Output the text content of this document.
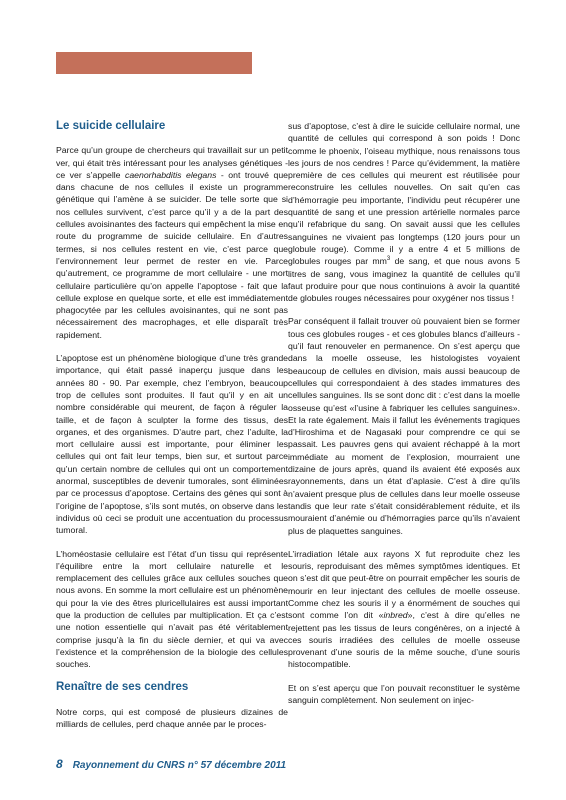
Le suicide cellulaire

Parce qu’un groupe de chercheurs qui travaillait sur un petit ver, qui était très intéressant pour les analyses génétiques - ce ver s’appelle caenorhabditis elegans - ont trouvé que dans chacune de nos cellules il existe un programme génétique qui l’amène à se suicider. De telle sorte que si nos cellules survivent, c’est parce qu’il y a de la part des cellules avoisinantes des facteurs qui empêchent la mise en route du programme de suicide cellulaire. En d’autres termes, si nos cellules restent en vie, c’est parce que l’environnement leur permet de rester en vie. Parce qu’autrement, ce programme de mort cellulaire - une mort cellulaire particulière qu’on appelle l’apoptose - fait que la cellule explose en quelque sorte, et elle est immédiatement phagocytée par les cellules avoisinantes, qui ne sont pas nécessairement des macrophages, et elle disparaît très rapidement.

L’apoptose est un phénomène biologique d’une très grande importance, qui était passé inaperçu jusque dans les années 80 - 90. Par exemple, chez l’embryon, beaucoup trop de cellules sont produites. Il faut qu’il y en ait un nombre considérable qui meurent, de façon à réguler la taille, et de façon à sculpter la forme des tissus, des organes, et des organismes. D’autre part, chez l’adulte, la mort cellulaire aussi est importante, pour éliminer les cellules qui ont fait leur temps, bien sur, et surtout parce qu’un certain nombre de cellules qui ont un comportement anormal, susceptibles de devenir tumorales, sont éliminées par ce processus d’apoptose. Certains des gènes qui sont à l’origine de l’apoptose, s’ils sont mutés, on observe dans les individus où ceci se produit une accentuation du processus tumoral.

L’homéostasie cellulaire est l’état d’un tissu qui représente l’équilibre entre la mort cellulaire naturelle et le remplacement des cellules grâce aux cellules souches que nous avons. En somme la mort cellulaire est un phénomène qui pour la vie des êtres pluricellulaires est aussi important que la production de cellules par multiplication. Et ça c’est une notion essentielle qui n’avait pas été véritablement comprise jusqu’à la fin du siècle dernier, et qui va avec l’existence et la compréhension de la biologie des cellules souches.

Renaître de ses cendres

Notre corps, qui est composé de plusieurs dizaines de milliards de cellules, perd chaque année par le proces-

sus d’apoptose, c’est à dire le suicide cellulaire normal, une quantité de cellules qui correspond à son poids ! Donc comme le phoenix, l’oiseau mythique, nous renaissons tous les jours de nos cendres ! Parce qu’évidemment, la matière première de ces cellules qui meurent est réutilisée pour reconstruire les cellules nouvelles. On sait qu’en cas d’hémorragie peu importante, l’individu peut récupérer une quantité de sang et une pression artérielle normales parce qu’il refabrique du sang. On savait aussi que les cellules sanguines ne vivaient pas longtemps (120 jours pour un globule rouge). Comme il y a entre 4 et 5 millions de globules rouges par $mm^3$ de sang, et que nous avons 5 litres de sang, vous imaginez la quantité de cellules qu’il faut produire pour que nous continuions à avoir la quantité de globules rouges nécessaires pour oxygéner nos tissus !

Par conséquent il fallait trouver où pouvaient bien se former tous ces globules rouges - et ces globules blancs d’ailleurs - qu’il faut renouveler en permanence. On s’est aperçu que dans la moelle osseuse, les histologistes voyaient beaucoup de cellules en division, mais aussi beaucoup de cellules qui correspondaient à des stades immatures des cellules sanguines. Ils se sont donc dit : c’est dans la moelle osseuse qu’est «l’usine à fabriquer les cellules sanguines». Et la rate également. Mais il fallut les événements tragiques d’Hiroshima et de Nagasaki pour comprendre ce qui se passait. Les pauvres gens qui avaient réchappé à la mort immédiate au moment de l’explosion, mourraient une dizaine de jours après, quand ils avaient été exposés aux rayonnements, dans un état d’aplasie. C’est à dire qu’ils n’avaient presque plus de cellules dans leur moelle osseuse tandis que leur rate s’était considérablement réduite, et ils mouraient d’anémie ou d’hémorragies parce qu’ils n’avaient plus de plaquettes sanguines.

L’irradiation létale aux rayons X fut reproduite chez les souris, reproduisant des mêmes symptômes identiques. Et on s’est dit que peut-être on pourrait empêcher les souris de mourir en leur injectant des cellules de moelle osseuse. Comme chez les souris il y a énormément de souches qui sont comme l’on dit «inbred», c’est à dire qu’elles ne rejettent pas les tissus de leurs congénères, on a injecté à ces souris irradiées des cellules de moelle osseuse provenant d’une souris de la même souche, d’une souris histocompatible.

Et on s’est aperçu que l’on pouvait reconstituer le système sanguin complètement. Non seulement on injec-

8 Rayonnement du CNRS n° 57 décembre 2011
